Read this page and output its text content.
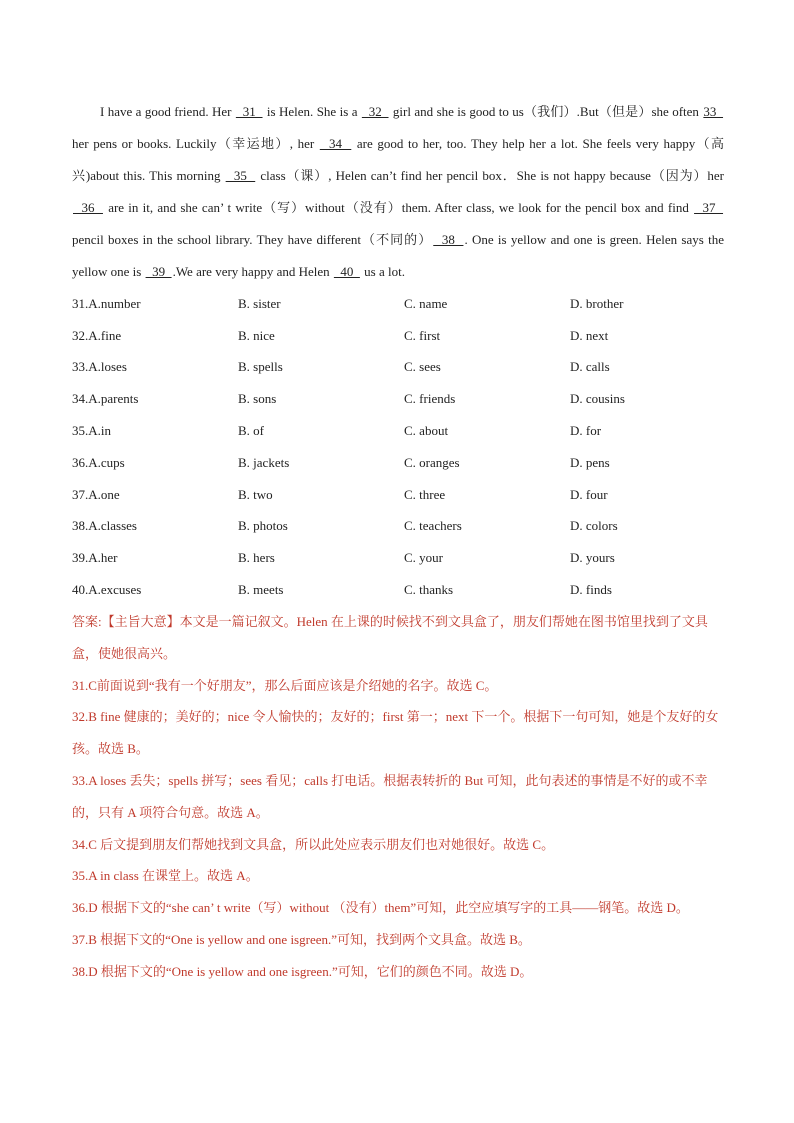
I have a good friend. Her   31   is Helen. She is a   32   girl and she is good to us（我们）.But（但是）she often 33   her pens or books. Luckily（幸运地）, her   34   are good to her, too. They help her a lot. She feels very happy（高兴)about this. This morning   35   class（课）, Helen can’t find her pencil box．She is not happy because（因为）her   36   are in it, and she can’ t write（写）without（没有）them. After class, we look for the pencil box and find   37   pencil boxes in the school library. They have different（不同的）  38  . One is yellow and one is green. Helen says the yellow one is   39  .We are very happy and Helen   40   us a lot.

31.A.number	B. sister	C. name	D. brother
32.A.fine	B. nice	C. first	D. next
33.A.loses	B. spells	C. sees	D. calls
34.A.parents	B. sons	C. friends	D. cousins
35.A.in	B. of	C. about	D. for
36.A.cups	B. jackets	C. oranges	D. pens
37.A.one	B. two	C. three	D. four
38.A.classes	B. photos	C. teachers	D. colors
39.A.her	B. hers	C. your	D. yours
40.A.excuses	B. meets	C. thanks	D. finds

答案:【主旨大意】本文是一篇记叙文。Helen 在上课的时候找不到文具盒了，朋友们帮她在图书馆里找到了文具盒，使她很高兴。

31.C前面说到“我有一个好朋友”，那么后面应该是介绍她的名字。故选 C。

32.B fine 健康的；美好的；nice 令人愉快的；友好的；first 第一；next 下一个。根据下一句可知，她是个友好的女孩。故选 B。

33.A loses 丢失；spells 拼写；sees 看见；calls 打电话。根据表转折的 But 可知，此句表述的事情是不好的或不幸的，只有 A 项符合句意。故选 A。

34.C 后文提到朋友们帮她找到文具盒，所以此处应表示朋友们也对她很好。故选 C。

35.A in class 在课堂上。故选 A。

36.D 根据下文的“she can’ t write（写）without （没有）them”可知，此空应填写字的工具——钢笔。故选 D。

37.B 根据下文的“One is yellow and one isgreen.”可知，找到两个文具盒。故选 B。

38.D 根据下文的“One is yellow and one isgreen.”可知，它们的颜色不同。故选 D。
